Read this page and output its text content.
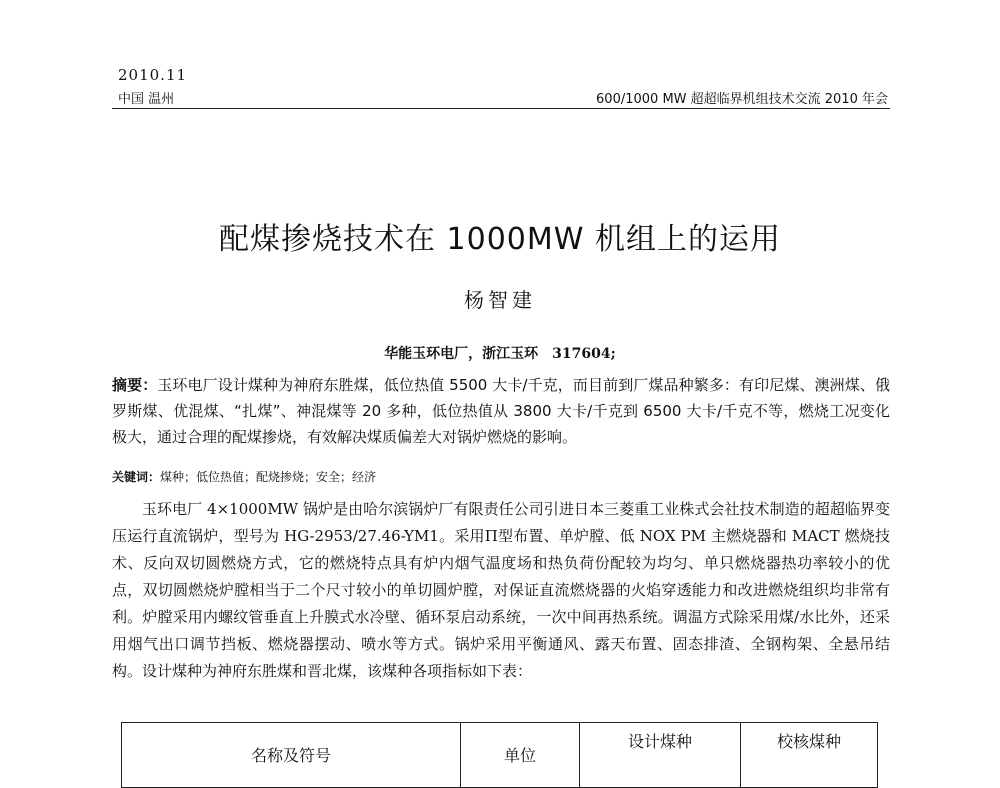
2010.11
中国 温州	600/1000 MW 超超临界机组技术交流 2010 年会
配煤掺烧技术在 1000MW 机组上的运用
杨智建
华能玉环电厂，浙江玉环　317604;
摘要：玉环电厂设计煤种为神府东胜煤，低位热值 5500 大卡/千克，而目前到厂煤品种繁多：有印尼煤、澳洲煤、俄罗斯煤、优混煤、“扎煤”、神混煤等 20 多种，低位热值从 3800 大卡/千克到 6500 大卡/千克不等，燃烧工况变化极大，通过合理的配煤掺烧，有效解决煤质偏差大对锅炉燃烧的影响。
关键词：煤种；低位热值；配烧掺烧；安全；经济
玉环电厂 4×1000MW 锅炉是由哈尔滨锅炉厂有限责任公司引进日本三菱重工业株式会社技术制造的超超临界变压运行直流锅炉，型号为 HG-2953/27.46-YM1。采用Π型布置、单炉膛、低 NOX PM 主燃烧器和 MACT 燃烧技术、反向双切圆燃烧方式，它的燃烧特点具有炉内烟气温度场和热负荷份配较为均匀、单只燃烧器热功率较小的优点，双切圆燃烧炉膛相当于二个尺寸较小的单切圆炉膛，对保证直流燃烧器的火焰穿透能力和改进燃烧组织均非常有利。炉膛采用内螺纹管垂直上升膜式水冷壁、循环泵启动系统，一次中间再热系统。调温方式除采用煤/水比外，还采用烟气出口调节挡板、燃烧器摆动、喷水等方式。锅炉采用平衡通风、露天布置、固态排渣、全钢构架、全悬吊结构。设计煤种为神府东胜煤和晋北煤，该煤种各项指标如下表：
名称及符号	单位	设计煤种	校核煤种
